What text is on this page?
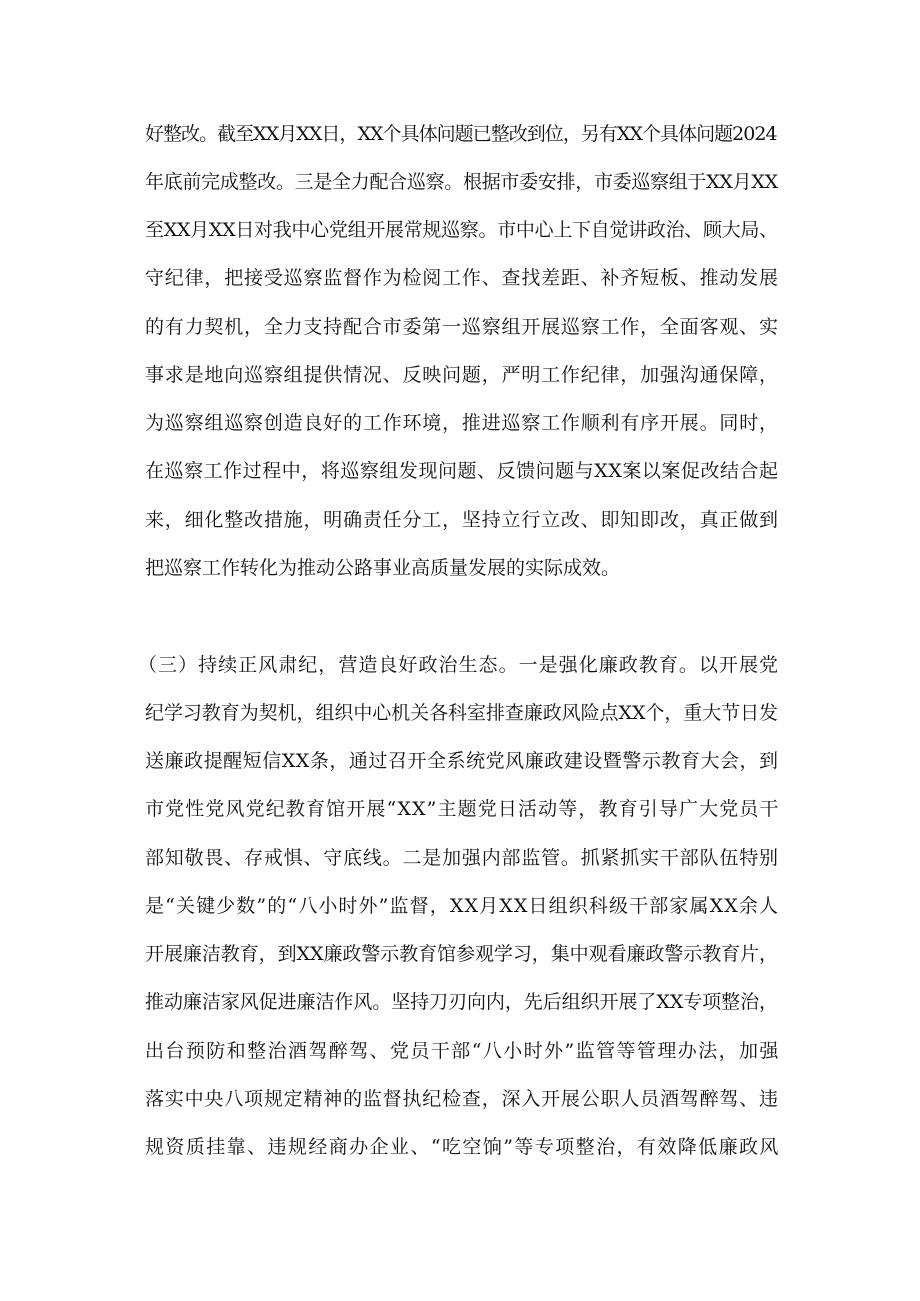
好整改。截至XX月XX日，XX个具体问题已整改到位，另有XX个具体问题2024
年底前完成整改。三是全力配合巡察。根据市委安排，市委巡察组于XX月XX
至XX月XX日对我中心党组开展常规巡察。市中心上下自觉讲政治、顾大局、
守纪律，把接受巡察监督作为检阅工作、查找差距、补齐短板、推动发展
的有力契机，全力支持配合市委第一巡察组开展巡察工作，全面客观、实
事求是地向巡察组提供情况、反映问题，严明工作纪律，加强沟通保障，
为巡察组巡察创造良好的工作环境，推进巡察工作顺利有序开展。同时，
在巡察工作过程中，将巡察组发现问题、反馈问题与XX案以案促改结合起
来，细化整改措施，明确责任分工，坚持立行立改、即知即改，真正做到
把巡察工作转化为推动公路事业高质量发展的实际成效。
（三）持续正风肃纪，营造良好政治生态。一是强化廉政教育。以开展党
纪学习教育为契机，组织中心机关各科室排查廉政风险点XX个，重大节日发
送廉政提醒短信XX条，通过召开全系统党风廉政建设暨警示教育大会，到
市党性党风党纪教育馆开展“XX”主题党日活动等，教育引导广大党员干
部知敬畏、存戒惧、守底线。二是加强内部监管。抓紧抓实干部队伍特别
是“关键少数”的“八小时外”监督，XX月XX日组织科级干部家属XX余人
开展廉洁教育，到XX廉政警示教育馆参观学习，集中观看廉政警示教育片，
推动廉洁家风促进廉洁作风。坚持刀刃向内，先后组织开展了XX专项整治，
出台预防和整治酒驾醉驾、党员干部“八小时外”监管等管理办法，加强
落实中央八项规定精神的监督执纪检查，深入开展公职人员酒驾醉驾、违
规资质挂靠、违规经商办企业、“吃空饷”等专项整治，有效降低廉政风
